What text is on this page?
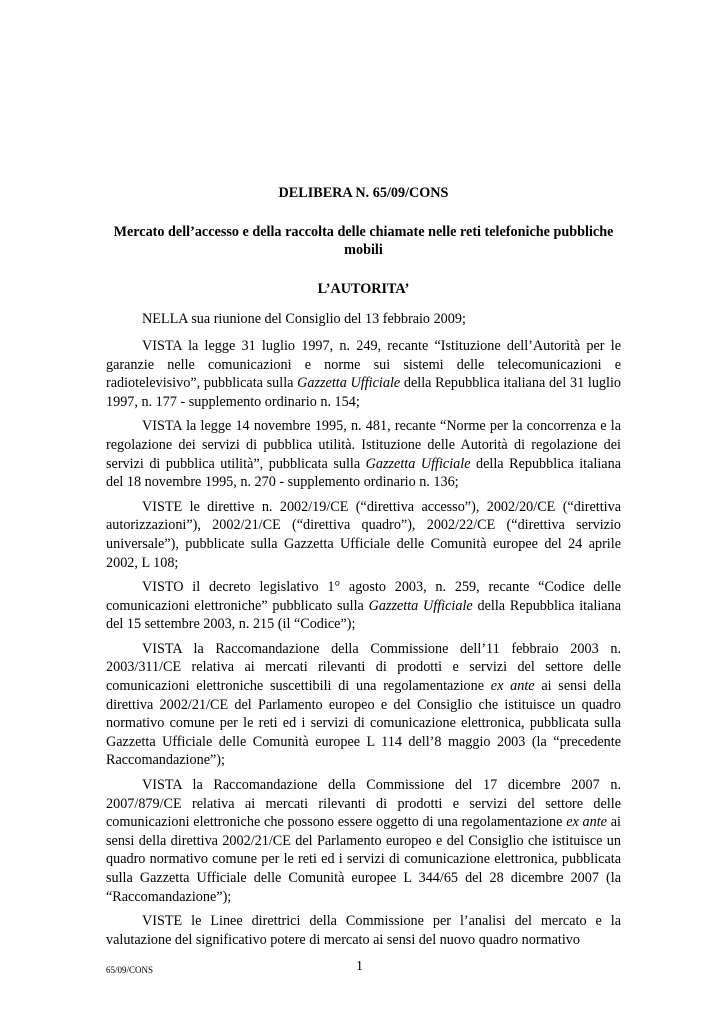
DELIBERA N. 65/09/CONS
Mercato dell’accesso e della raccolta delle chiamate nelle reti telefoniche pubbliche mobili
L’AUTORITA’

NELLA sua riunione del Consiglio del 13 febbraio 2009;

VISTA la legge 31 luglio 1997, n. 249, recante “Istituzione dell’Autorità per le garanzie nelle comunicazioni e norme sui sistemi delle telecomunicazioni e radiotelevisivo”, pubblicata sulla Gazzetta Ufficiale della Repubblica italiana del 31 luglio 1997, n. 177 - supplemento ordinario n. 154;

VISTA la legge 14 novembre 1995, n. 481, recante “Norme per la concorrenza e la regolazione dei servizi di pubblica utilità. Istituzione delle Autorità di regolazione dei servizi di pubblica utilità”, pubblicata sulla Gazzetta Ufficiale della Repubblica italiana del 18 novembre 1995, n. 270 - supplemento ordinario n. 136;

VISTE le direttive n. 2002/19/CE (“direttiva accesso”), 2002/20/CE (“direttiva autorizzazioni”), 2002/21/CE (“direttiva quadro”), 2002/22/CE (“direttiva servizio universale”), pubblicate sulla Gazzetta Ufficiale delle Comunità europee del 24 aprile 2002, L 108;

VISTO il decreto legislativo 1° agosto 2003, n. 259, recante “Codice delle comunicazioni elettroniche” pubblicato sulla Gazzetta Ufficiale della Repubblica italiana del 15 settembre 2003, n. 215 (il “Codice”);

VISTA la Raccomandazione della Commissione dell’11 febbraio 2003 n. 2003/311/CE relativa ai mercati rilevanti di prodotti e servizi del settore delle comunicazioni elettroniche suscettibili di una regolamentazione ex ante ai sensi della direttiva 2002/21/CE del Parlamento europeo e del Consiglio che istituisce un quadro normativo comune per le reti ed i servizi di comunicazione elettronica, pubblicata sulla Gazzetta Ufficiale delle Comunità europee L 114 dell’8 maggio 2003 (la “precedente Raccomandazione”);

VISTA la Raccomandazione della Commissione del 17 dicembre 2007 n. 2007/879/CE relativa ai mercati rilevanti di prodotti e servizi del settore delle comunicazioni elettroniche che possono essere oggetto di una regolamentazione ex ante ai sensi della direttiva 2002/21/CE del Parlamento europeo e del Consiglio che istituisce un quadro normativo comune per le reti ed i servizi di comunicazione elettronica, pubblicata sulla Gazzetta Ufficiale delle Comunità europee L 344/65 del 28 dicembre 2007 (la “Raccomandazione”);

VISTE le Linee direttrici della Commissione per l’analisi del mercato e la valutazione del significativo potere di mercato ai sensi del nuovo quadro normativo

65/09/CONS	1
